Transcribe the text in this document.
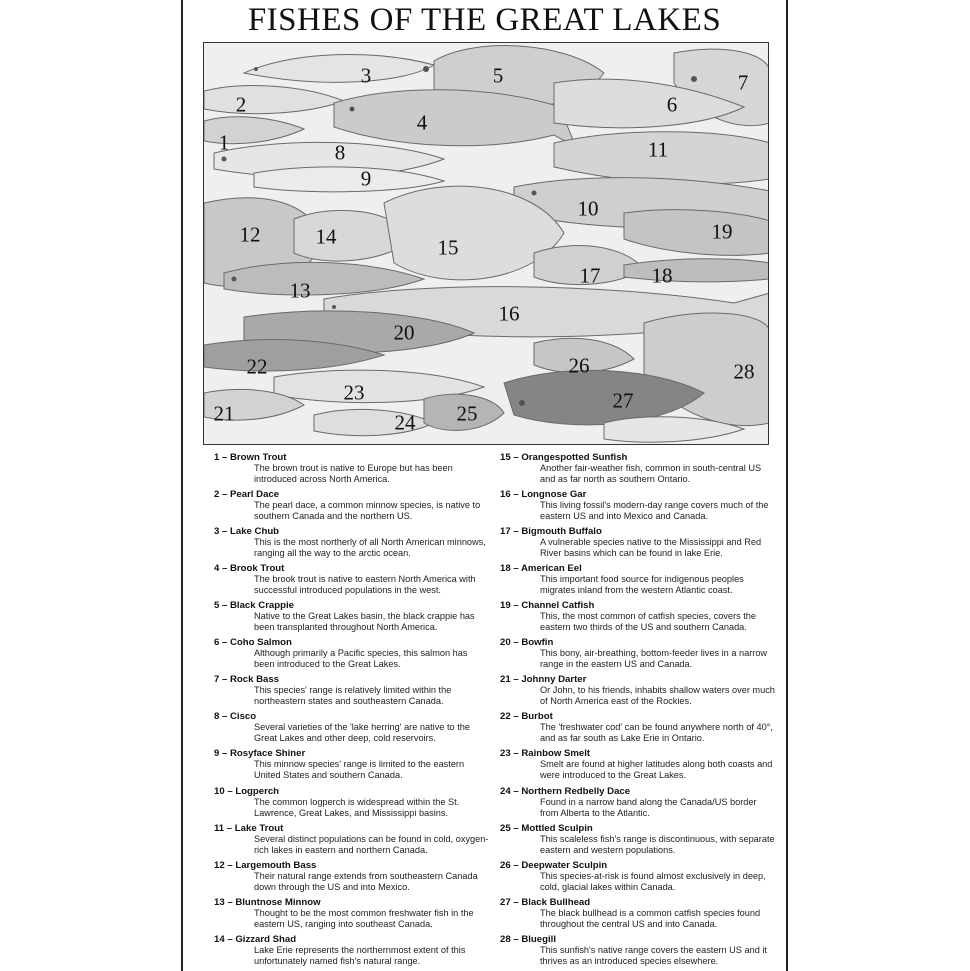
FISHES OF THE GREAT LAKES
1
2
3
4
5
6
7
8
9
10
11
12
13
14	15
16
17 18
19
20
21
22
23
24 25
26
27
28
1 – Brown Trout
The brown trout is native to Europe but has been introduced across North America.
2 – Pearl Dace
The pearl dace, a common minnow species, is native to southern Canada and the northern US.
3 – Lake Chub
This is the most northerly of all North American minnows, ranging all the way to the arctic ocean.
4 – Brook Trout
The brook trout is native to eastern North America with successful introduced populations in the west.
5 – Black Crappie
Native to the Great Lakes basin, the black crappie has been transplanted throughout North America.
6 – Coho Salmon
Although primarily a Pacific species, this salmon has been introduced to the Great Lakes.
7 – Rock Bass
This species' range is relatively limited within the northeastern states and southeastern Canada.
8 – Cisco
Several varieties of the 'lake herring' are native to the Great Lakes and other deep, cold reservoirs.
9 – Rosyface Shiner
This minnow species' range is limited to the eastern United States and southern Canada.
10 – Logperch
The common logperch is widespread within the St. Lawrence, Great Lakes, and Mississippi basins.
11 – Lake Trout
Several distinct populations can be found in cold, oxygen-rich lakes in eastern and northern Canada.
12 – Largemouth Bass
Their natural range extends from southeastern Canada down through the US and into Mexico.
13 – Bluntnose Minnow
Thought to be the most common freshwater fish in the eastern US, ranging into southeast Canada.
14 – Gizzard Shad
Lake Erie represents the northernmost extent of this unfortunately named fish's natural range.
15 – Orangespotted Sunfish
Another fair-weather fish, common in south-central US and as far north as southern Ontario.
16 – Longnose Gar
This living fossil's modern-day range covers much of the eastern US and into Mexico and Canada.
17 – Bigmouth Buffalo
A vulnerable species native to the Mississippi and Red River basins which can be found in lake Erie.
18 – American Eel
This important food source for indigenous peoples migrates inland from the western Atlantic coast.
19 – Channel Catfish
This, the most common of catfish species, covers the eastern two thirds of the US and southern Canada.
20 – Bowfin
This bony, air-breathing, bottom-feeder lives in a narrow range in the eastern US and Canada.
21 – Johnny Darter
Or John, to his friends, inhabits shallow waters over much of North America east of the Rockies.
22 – Burbot
The 'freshwater cod' can be found anywhere north of 40°, and as far south as Lake Erie in Ontario.
23 – Rainbow Smelt
Smelt are found at higher latitudes along both coasts and were introduced to the Great Lakes.
24 – Northern Redbelly Dace
Found in a narrow band along the Canada/US border from Alberta to the Atlantic.
25 – Mottled Sculpin
This scaleless fish's range is discontinuous, with separate eastern and western populations.
26 – Deepwater Sculpin
This species-at-risk is found almost exclusively in deep, cold, glacial lakes within Canada.
27 – Black Bullhead
The black bullhead is a common catfish species found throughout the central US and into Canada.
28 – Bluegill
This sunfish's native range covers the eastern US and it thrives as an introduced species elsewhere.
